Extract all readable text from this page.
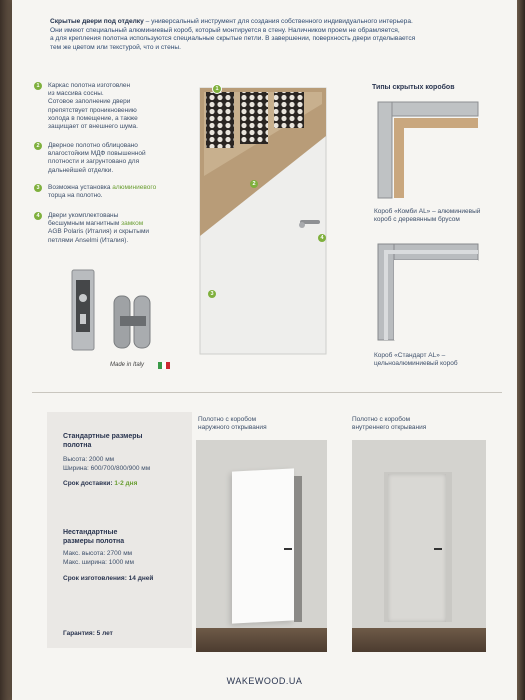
Скрытые двери под отделку – универсальный инструмент для создания собственного индивидуального интерьера.
Они имеют специальный алюминиевый короб, который монтируется в стену. Наличником проем не обрамляется,
а для крепления полотна используются специальные скрытые петли. В завершении, поверхность двери отделывается
тем же цветом или текстурой, что и стены.
1	Каркас полотна изготовлен
из массива сосны.
Сотовое заполнение двери
препятствует проникновению
холода в помещение, а также
защищает от внешнего шума.
2	Дверное полотно облицовано
влагостойким МДФ повышенной
плотности и загрунтовано для
дальнейшей отделки.
3	Возможна установка алюминиевого
торца на полотно.
4	Двери укомплектованы
бесшумным магнитным замком
AGB Polaris (Италия) и скрытыми
петлями Anselmi (Италия).
Made in Italy
1
2
3
4
Типы скрытых коробов
Короб «Комби AL» – алюминиевый
короб с деревянным брусом
Короб «Стандарт AL» –
цельноалюминиевый короб
Стандартные размеры
полотна
Высота: 2000 мм
Ширина: 600/700/800/900 мм
Срок доставки: 1-2 дня
Нестандартные
размеры полотна
Макс. высота: 2700 мм
Макс. ширина: 1000 мм
Срок изготовления: 14 дней
Гарантия: 5 лет
Полотно с коробом
наружного открывания
Полотно с коробом
внутреннего открывания
WAKEWOOD.UA
